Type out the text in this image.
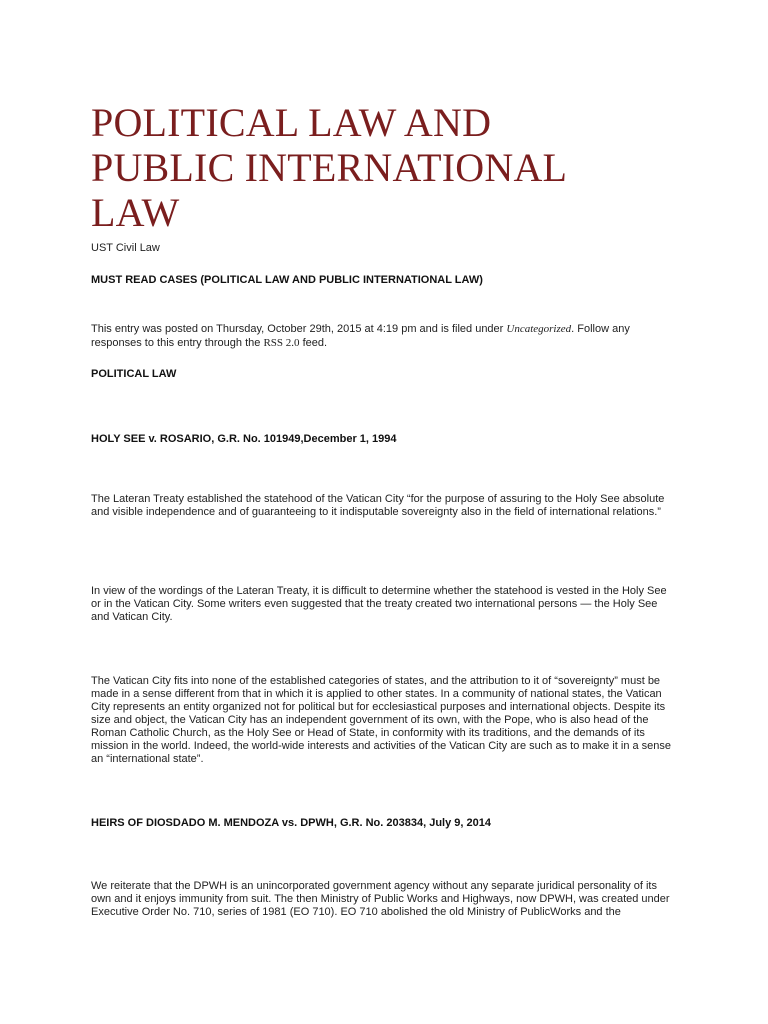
POLITICAL LAW AND
PUBLIC INTERNATIONAL
LAW
UST Civil Law
MUST READ CASES (POLITICAL LAW AND PUBLIC INTERNATIONAL LAW)
This entry was posted on Thursday, October 29th, 2015 at 4:19 pm and is filed under Uncategorized. Follow any responses to this entry through the RSS 2.0 feed.
POLITICAL LAW
HOLY SEE v. ROSARIO, G.R. No. 101949,December 1, 1994

The Lateran Treaty established the statehood of the Vatican City “for the purpose of assuring to the Holy See absolute and visible independence and of guaranteeing to it indisputable sovereignty also in the field of international relations.”

In view of the wordings of the Lateran Treaty, it is difficult to determine whether the statehood is vested in the Holy See or in the Vatican City. Some writers even suggested that the treaty created two international persons — the Holy See and Vatican City.

The Vatican City fits into none of the established categories of states, and the attribution to it of “sovereignty” must be made in a sense different from that in which it is applied to other states. In a community of national states, the Vatican City represents an entity organized not for political but for ecclesiastical purposes and international objects. Despite its size and object, the Vatican City has an independent government of its own, with the Pope, who is also head of the Roman Catholic Church, as the Holy See or Head of State, in conformity with its traditions, and the demands of its mission in the world. Indeed, the world-wide interests and activities of the Vatican City are such as to make it in a sense an “international state”.

HEIRS OF DIOSDADO M. MENDOZA vs. DPWH, G.R. No. 203834, July 9, 2014

We reiterate that the DPWH is an unincorporated government agency without any separate juridical personality of its own and it enjoys immunity from suit. The then Ministry of Public Works and Highways, now DPWH, was created under Executive Order No. 710, series of 1981 (EO 710). EO 710 abolished the old Ministry of PublicWorks and the
